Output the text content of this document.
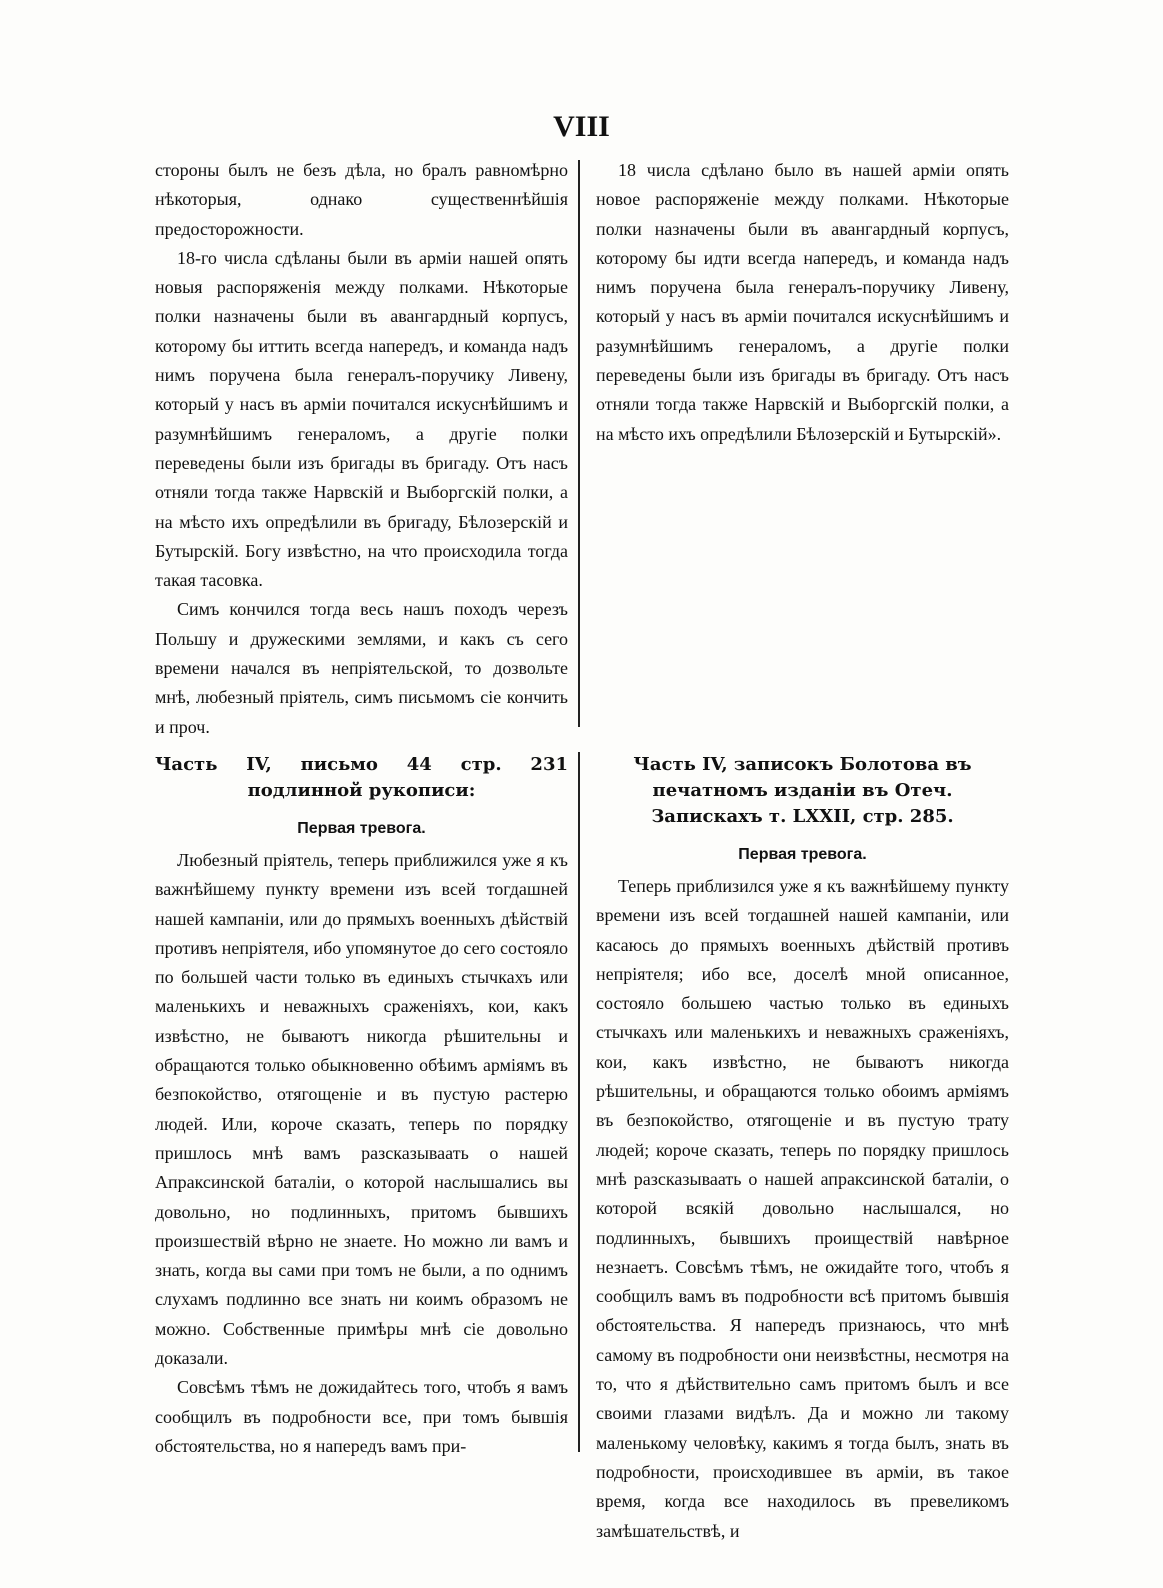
VIII

стороны былъ не безъ дѣла, но бралъ равномѣрно нѣкоторыя, однако существеннѣйшія предосторожности.

18-го числа сдѣланы были въ арміи нашей опять новыя распоряженія между полками. Нѣкоторые полки назначены были въ авангардный корпусъ, которому бы иттить всегда напередъ, и команда надъ нимъ поручена была генералъ-поручику Ливену, который у насъ въ арміи почитался искуснѣйшимъ и разумнѣйшимъ генераломъ, а другіе полки переведены были изъ бригады въ бригаду. Отъ насъ отняли тогда также Нарвскій и Выборгскій полки, а на мѣсто ихъ опредѣлили въ бригаду, Бѣлозерскій и Бутырскій. Богу извѣстно, на что происходила тогда такая тасовка.

Симъ кончился тогда весь нашъ походъ черезъ Польшу и дружескими землями, и какъ съ сего времени начался въ непріятельской, то дозвольте мнѣ, любезный пріятель, симъ письмомъ сіе кончить и проч.

18 числа сдѣлано было въ нашей арміи опять новое распоряженіе между полками. Нѣкоторые полки назначены были въ авангардный корпусъ, которому бы идти всегда напередъ, и команда надъ нимъ поручена была генералъ-поручику Ливену, который у насъ въ арміи почитался искуснѣйшимъ и разумнѣйшимъ генераломъ, а другіе полки переведены были изъ бригады въ бригаду. Отъ насъ отняли тогда также Нарвскій и Выборгскій полки, а на мѣсто ихъ опредѣлили Бѣлозерскій и Бутырскій».

Часть IV, письмо 44 стр. 231 подлинной рукописи:
Первая тревога.

Любезный пріятель, теперь приближился уже я къ важнѣйшему пункту времени изъ всей тогдашней нашей кампаніи, или до прямыхъ военныхъ дѣйствій противъ непріятеля, ибо упомянутое до сего состояло по большей части только въ единыхъ стычкахъ или маленькихъ и неважныхъ сраженіяхъ, кои, какъ извѣстно, не бываютъ никогда рѣшительны и обращаются только обыкновенно обѣимъ арміямъ въ безпокойство, отягощеніе и въ пустую растерю людей. Или, короче сказать, теперь по порядку пришлось мнѣ вамъ разсказываать о нашей Апраксинской баталіи, о которой наслышались вы довольно, но подлинныхъ, притомъ бывшихъ произшествій вѣрно не знаете. Но можно ли вамъ и знать, когда вы сами при томъ не были, а по однимъ слухамъ подлинно все знать ни коимъ образомъ не можно. Собственные примѣры мнѣ сіе довольно доказали.

Совсѣмъ тѣмъ не дожидайтесь того, чтобъ я вамъ сообщилъ въ подробности все, при томъ бывшія обстоятельства, но я напередъ вамъ при-

Часть IV, записокъ Болотова въ печатномъ изданіи въ Отеч. Запискахъ т. LXXII, стр. 285.
Первая тревога.

Теперь приблизился уже я къ важнѣйшему пункту времени изъ всей тогдашней нашей кампаніи, или касаюсь до прямыхъ военныхъ дѣйствій противъ непріятеля; ибо все, доселѣ мной описанное, состояло большею частью только въ единыхъ стычкахъ или маленькихъ и неважныхъ сраженіяхъ, кои, какъ извѣстно, не бываютъ никогда рѣшительны, и обращаются только обоимъ арміямъ въ безпокойство, отягощеніе и въ пустую трату людей; короче сказать, теперь по порядку пришлось мнѣ разсказываать о нашей апраксинской баталіи, о которой всякій довольно наслышался, но подлинныхъ, бывшихъ проиществій навѣрное незнаетъ. Совсѣмъ тѣмъ, не ожидайте того, чтобъ я сообщилъ вамъ въ подробности всѣ притомъ бывшія обстоятельства. Я напередъ признаюсь, что мнѣ самому въ подробности они неизвѣстны, несмотря на то, что я дѣйствительно самъ притомъ былъ и все своими глазами видѣлъ. Да и можно ли такому маленькому человѣку, какимъ я тогда былъ, знать въ подробности, происходившее въ арміи, въ такое время, когда все находилось въ превеликомъ замѣшательствѣ, и
